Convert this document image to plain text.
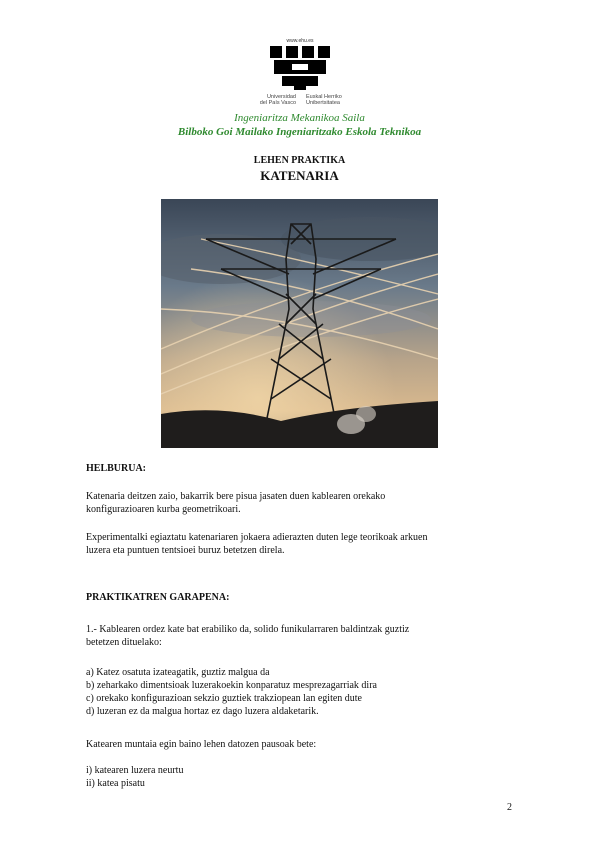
www.ehu.es
Universidad
del País Vasco
Euskal Herriko
Unibertsitatea
Ingeniaritza Mekanikoa Saila
Bilboko Goi Mailako Ingeniaritzako Eskola Teknikoa
LEHEN PRAKTIKA
KATENARIA
HELBURUA:
Katenaria deitzen zaio, bakarrik bere pisua jasaten duen kablearen orekako
konfigurazioaren kurba geometrikoari.
Experimentalki egiaztatu katenariaren jokaera adierazten duten lege teorikoak arkuen
luzera eta puntuen tentsioei buruz betetzen direla.
PRAKTIKATREN GARAPENA:
1.- Kablearen ordez kate bat erabiliko da, solido funikularraren baldintzak guztiz
betetzen dituelako:
a) Katez osatuta izateagatik, guztiz malgua da
b) zeharkako dimentsioak luzerakoekin konparatuz mesprezagarriak dira
c) orekako konfigurazioan sekzio guztiek trakziopean lan egiten dute
d) luzeran ez da malgua hortaz ez dago luzera aldaketarik.
Katearen muntaia egin baino lehen datozen pausoak bete:
i) katearen luzera neurtu
ii) katea pisatu
2
